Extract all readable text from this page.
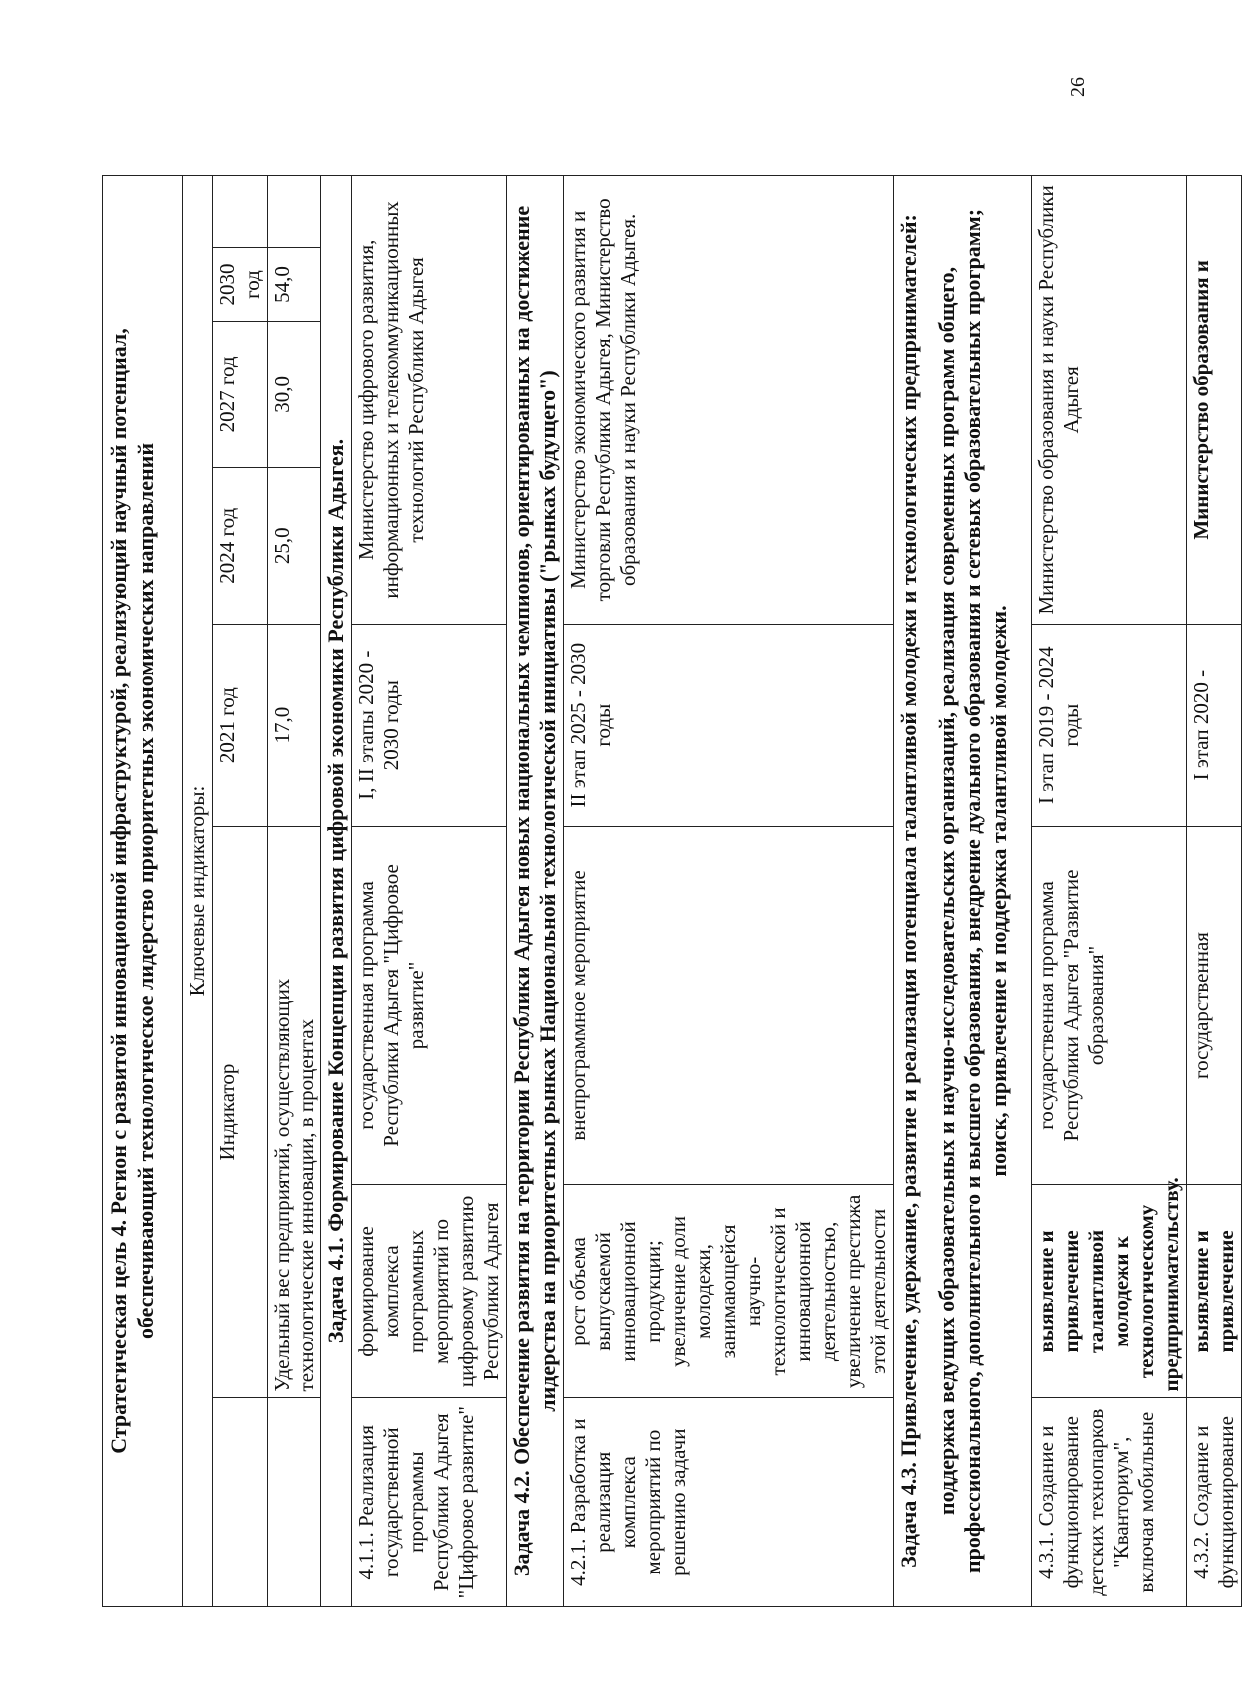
26
Стратегическая цель 4. Регион с развитой инновационной инфраструктурой, реализующий научный потенциал, обеспечивающий технологическое лидерство приоритетных экономических направлений							

Ключевые индикаторы:							
	Индикатор		2021 год	2024 год	2027 год	2030 год	
	Удельный вес предприятий, осуществляющих технологические инновации, в процентах		17,0	25,0	30,0	54,0	
Задача 4.1. Формирование Концепции развития цифровой экономики Республики Адыгея.							
4.1.1. Реализация государственной программы Республики Адыгея "Цифровое развитие"	формирование комплекса программных мероприятий по цифровому развитию Республики Адыгея	государственная программа Республики Адыгея "Цифровое развитие"	I, II этапы 2020 - 2030 годы	Министерство цифрового развития, информационных и телекоммуникационных технологий Республики Адыгея			
Задача 4.2. Обеспечение развития на территории Республики Адыгея новых национальных чемпионов, ориентированных на достижение лидерства на приоритетных рынках Национальной технологической инициативы ("рынках будущего")							
4.2.1. Разработка и реализация комплекса мероприятий по решению задачи	рост объема выпускаемой инновационной продукции; увеличение доли молодежи, занимающейся научно-технологической и инновационной деятельностью, увеличение престижа этой деятельности	внепрограммное мероприятие	II этап 2025 - 2030 годы	Министерство экономического развития и торговли Республики Адыгея, Министерство образования и науки Республики Адыгея.			

Задача 4.3. Привлечение, удержание, развитие и реализация потенциала талантливой молодежи и технологических предпринимателей: поддержка ведущих образовательных и научно-исследовательских организаций, реализация современных программ общего, профессионального, дополнительного и высшего образования, внедрение дуального образования и сетевых образовательных программ; поиск, привлечение и поддержка талантливой молодежи.							

4.3.1. Создание и функционирование детских технопарков "Кванториум", включая мобильные	выявление и привлечение талантливой молодежи к технологическому предпринимательству.	государственная программа Республики Адыгея "Развитие образования"	I этап 2019 - 2024 годы	Министерство образования и науки Республики Адыгея			
4.3.2. Создание и функционирование	выявление и привлечение	государственная	I этап 2020 -	Министерство образования и			
